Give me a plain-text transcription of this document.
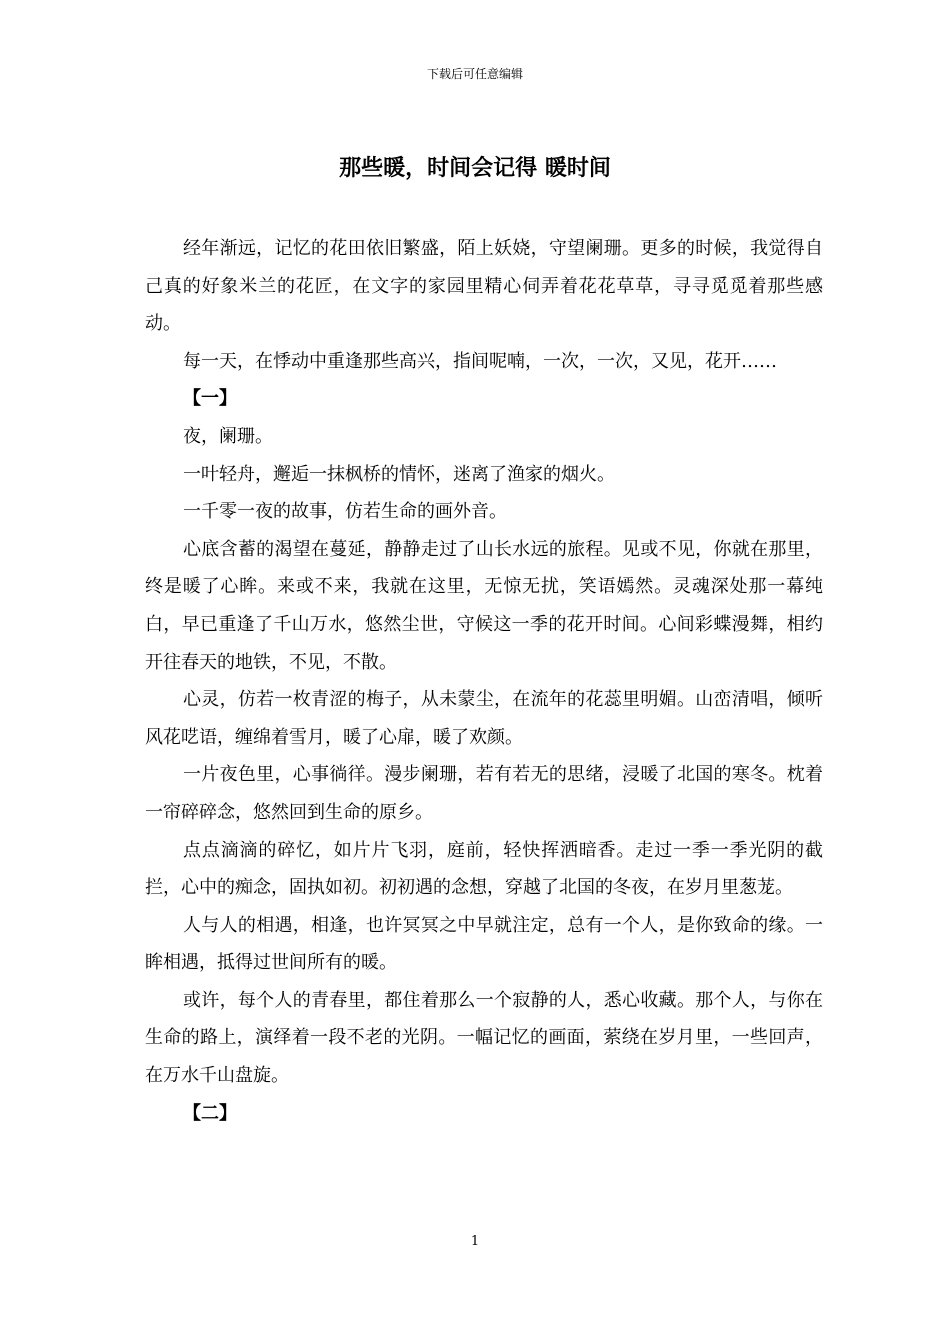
下载后可任意编辑
那些暖，时间会记得 暖时间

经年渐远，记忆的花田依旧繁盛，陌上妖娆，守望阑珊。更多的时候，我觉得自己真的好象米兰的花匠，在文字的家园里精心伺弄着花花草草，寻寻觅觅着那些感动。

每一天，在悸动中重逢那些高兴，指间呢喃，一次，一次，又见，花开……

【一】

夜，阑珊。

一叶轻舟，邂逅一抹枫桥的情怀，迷离了渔家的烟火。

一千零一夜的故事，仿若生命的画外音。

心底含蓄的渴望在蔓延，静静走过了山长水远的旅程。见或不见，你就在那里，终是暖了心眸。来或不来，我就在这里，无惊无扰，笑语嫣然。灵魂深处那一幕纯白，早已重逢了千山万水，悠然尘世，守候这一季的花开时间。心间彩蝶漫舞，相约开往春天的地铁，不见，不散。

心灵，仿若一枚青涩的梅子，从未蒙尘，在流年的花蕊里明媚。山峦清唱，倾听风花呓语，缠绵着雪月，暖了心扉，暖了欢颜。

一片夜色里，心事徜徉。漫步阑珊，若有若无的思绪，浸暖了北国的寒冬。枕着一帘碎碎念，悠然回到生命的原乡。

点点滴滴的碎忆，如片片飞羽，庭前，轻快挥洒暗香。走过一季一季光阴的截拦，心中的痴念，固执如初。初初遇的念想，穿越了北国的冬夜，在岁月里葱茏。

人与人的相遇，相逢，也许冥冥之中早就注定，总有一个人，是你致命的缘。一眸相遇，抵得过世间所有的暖。

或许，每个人的青春里，都住着那么一个寂静的人，悉心收藏。那个人，与你在生命的路上，演绎着一段不老的光阴。一幅记忆的画面，萦绕在岁月里，一些回声，在万水千山盘旋。

【二】

1
